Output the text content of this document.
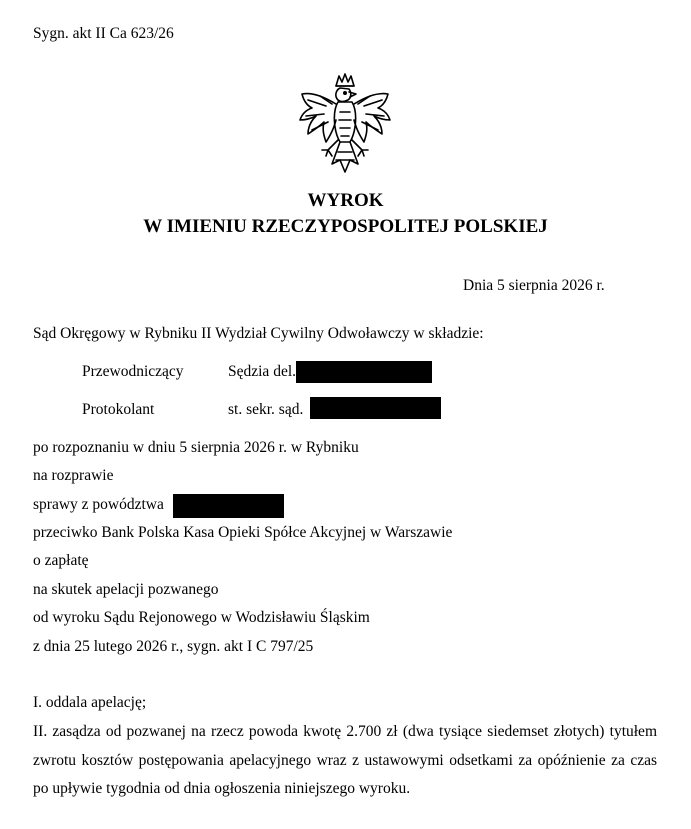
Sygn. akt II Ca 623/26
WYROK
W IMIENIU RZECZYPOSPOLITEJ POLSKIEJ
Dnia 5 sierpnia 2026 r.
Sąd Okręgowy w Rybniku II Wydział Cywilny Odwoławczy w składzie:
Przewodniczący	Sędzia del.
Protokolant	st. sekr. sąd.
po rozpoznaniu w dniu 5 sierpnia 2026 r. w Rybniku
na rozprawie
sprawy z powództwa
przeciwko Bank Polska Kasa Opieki Spółce Akcyjnej w Warszawie
o zapłatę
na skutek apelacji pozwanego
od wyroku Sądu Rejonowego w Wodzisławiu Śląskim
z dnia 25 lutego 2026 r., sygn. akt I C 797/25
I. oddala apelację;
II. zasądza od pozwanej na rzecz powoda kwotę 2.700 zł (dwa tysiące siedemset złotych) tytułem zwrotu kosztów postępowania apelacyjnego wraz z ustawowymi odsetkami za opóźnienie za czas po upływie tygodnia od dnia ogłoszenia niniejszego wyroku.
